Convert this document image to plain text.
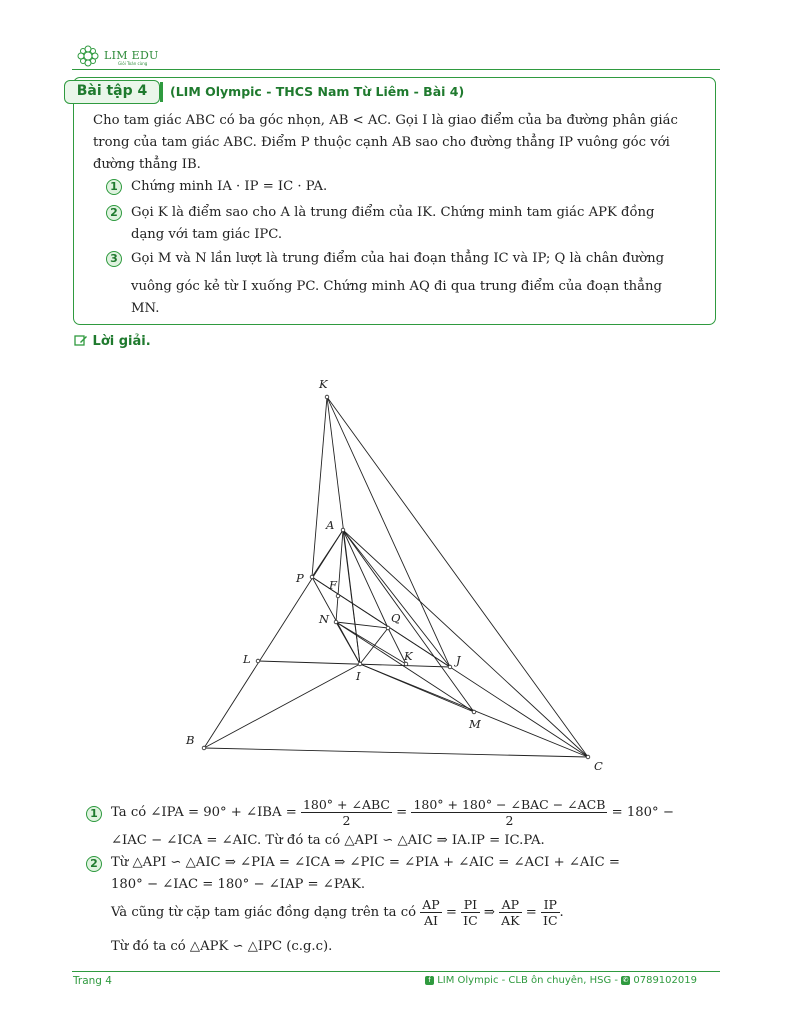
LIM EDU
Giỏi Toán cùng
Bài tập 4	(LIM Olympic - THCS Nam Từ Liêm - Bài 4)
Cho tam giác ABC có ba góc nhọn, AB < AC. Gọi I là giao điểm của ba đường phân giác
trong của tam giác ABC. Điểm P thuộc cạnh AB sao cho đường thẳng IP vuông góc với
đường thẳng IB.
1 Chứng minh IA · IP = IC · PA.
2 Gọi K là điểm sao cho A là trung điểm của IK. Chứng minh tam giác APK đồng
dạng với tam giác IPC.
3 Gọi M và N lần lượt là trung điểm của hai đoạn thẳng IC và IP; Q là chân đường
vuông góc kẻ từ I xuống PC. Chứng minh AQ đi qua trung điểm của đoạn thẳng
MN.
Lời giải.
K
A
P F
N	Q
L	K	J
I
M
B
C
1 Ta có ∠IPA = 90° + ∠IBA = $\frac{\text{180° + ∠ABC}}{2} = \frac{\text{180° + 180° − ∠BAC − ∠ACB}}{2} = 180^\circ$ −
∠IAC − ∠ICA = ∠AIC. Từ đó ta có △API ∽ △AIC ⇒ IA.IP = IC.PA.
2 Từ △API ∽ △AIC ⇒ ∠PIA = ∠ICA ⇒ ∠PIC = ∠PIA + ∠AIC = ∠ACI + ∠AIC =
180° − ∠IAC = 180° − ∠IAP = ∠PAK.
Và cũng từ cặp tam giác đồng dạng trên ta có $\frac{AP}{AI} = \frac{PI}{IC}$ ⇒ $\frac{AP}{AK} = \frac{IP}{IC}$ .
Từ đó ta có △APK ∽ △IPC (c.g.c).
Trang 4	f LIM Olympic - CLB ôn chuyên, HSG - ✆ 0789102019
